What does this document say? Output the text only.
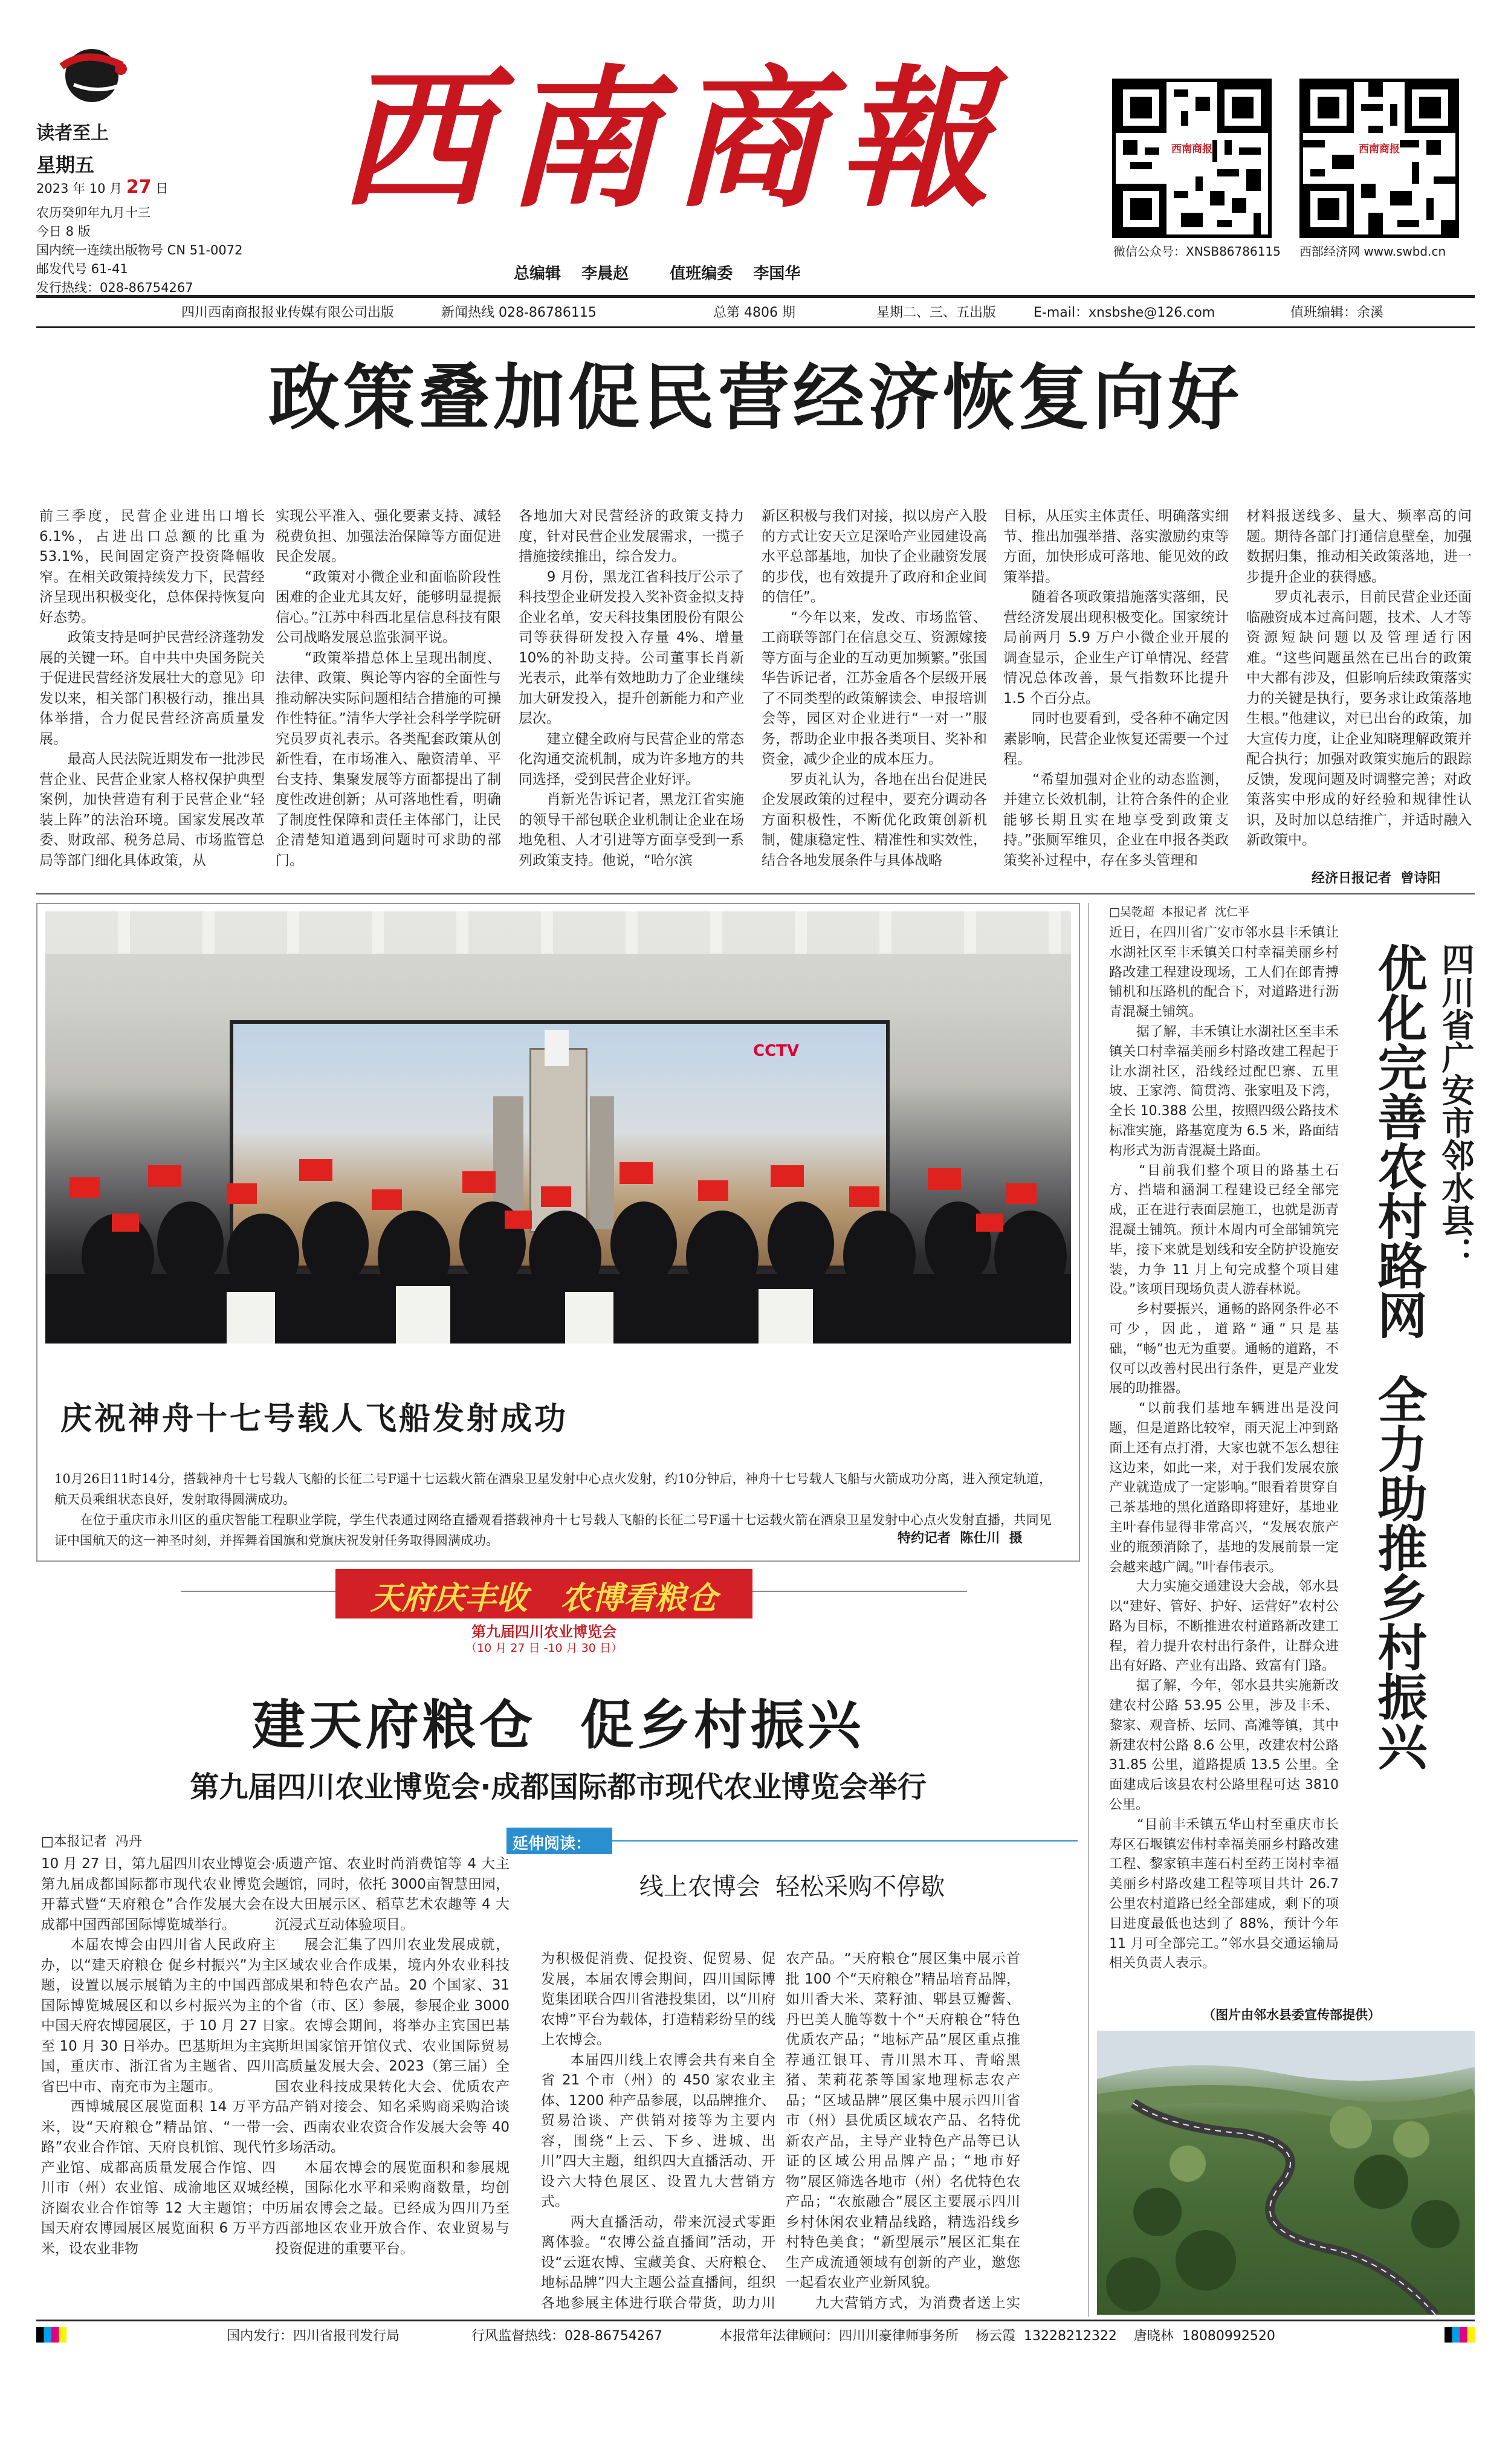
读者至上
星期五
2023 年 10 月 27 日
农历癸卯年九月十三
今日 8 版
国内统一连续出版物号 CN 51-0072
邮发代号 61-41
发行热线：028-86754267
西南商報
总编辑  李晨赵    值班编委  李国华
西南商报
微信公众号：XNSB86786115
西南商报
西部经济网 www.swbd.cn
四川西南商报报业传媒有限公司出版	新闻热线 028-86786115	总第 4806 期	星期二、三、五出版	E-mail：xnsbshe@126.com	值班编辑：余溪
政策叠加促民营经济恢复向好
前三季度，民营企业进出口增长6.1%，占进出口总额的比重为53.1%，民间固定资产投资降幅收窄。在相关政策持续发力下，民营经济呈现出积极变化，总体保持恢复向好态势。
　　政策支持是呵护民营经济蓬勃发展的关键一环。自中共中央国务院关于促进民营经济发展壮大的意见》印发以来，相关部门积极行动，推出具体举措，合力促民营经济高质量发展。
　　最高人民法院近期发布一批涉民营企业、民营企业家人格权保护典型案例，加快营造有利于民营企业“轻装上阵”的法治环境。国家发展改革委、财政部、税务总局、市场监管总局等部门细化具体政策，从
实现公平准入、强化要素支持、减轻税费负担、加强法治保障等方面促进民企发展。
　　“政策对小微企业和面临阶段性困难的企业尤其友好，能够明显提振信心。”江苏中科西北星信息科技有限公司战略发展总监张洞平说。
　　“政策举措总体上呈现出制度、法律、政策、舆论等内容的全面性与推动解决实际问题相结合措施的可操作性特征。”清华大学社会科学学院研究员罗贞礼表示。各类配套政策从创新性看，在市场准入、融资清单、平台支持、集聚发展等方面都提出了制度性改进创新；从可落地性看，明确了制度性保障和责任主体部门，让民企清楚知道遇到问题时可求助的部门。
各地加大对民营经济的政策支持力度，针对民营企业发展需求，一揽子措施接续推出，综合发力。
　　9 月份，黑龙江省科技厅公示了科技型企业研发投入奖补资金拟支持企业名单，安天科技集团股份有限公司等获得研发投入存量 4%、增量 10%的补助支持。公司董事长肖新光表示，此举有效地助力了企业继续加大研发投入，提升创新能力和产业层次。
　　建立健全政府与民营企业的常态化沟通交流机制，成为许多地方的共同选择，受到民营企业好评。
　　肖新光告诉记者，黑龙江省实施的领导干部包联企业机制让企业在场地免租、人才引进等方面享受到一系列政策支持。他说，“哈尔滨
新区积极与我们对接，拟以房产入股的方式让安天立足深哈产业园建设高水平总部基地，加快了企业融资发展的步伐，也有效提升了政府和企业间的信任”。
　　“今年以来，发改、市场监管、工商联等部门在信息交互、资源嫁接等方面与企业的互动更加频繁。”张国华告诉记者，江苏金盾各个层级开展了不同类型的政策解读会、申报培训会等，园区对企业进行“一对一”服务，帮助企业申报各类项目、奖补和资金，减少企业的成本压力。
　　罗贞礼认为，各地在出台促进民企发展政策的过程中，要充分调动各方面积极性，不断优化政策创新机制，健康稳定性、精准性和实效性，结合各地发展条件与具体战略
目标，从压实主体责任、明确落实细节、推出加强举措、落实激励约束等方面，加快形成可落地、能见效的政策举措。
　　随着各项政策措施落实落细，民营经济发展出现积极变化。国家统计局前两月 5.9 万户小微企业开展的调查显示，企业生产订单情况、经营情况总体改善，景气指数环比提升 1.5 个百分点。
　　同时也要看到，受各种不确定因素影响，民营企业恢复还需要一个过程。
　　“希望加强对企业的动态监测，并建立长效机制，让符合条件的企业能够长期且实在地享受到政策支持。”张厕军维贝，企业在申报各类政策奖补过程中，存在多头管理和
材料报送线多、量大、频率高的问题。期待各部门打通信息壁垒，加强数据归集，推动相关政策落地，进一步提升企业的获得感。
　　罗贞礼表示，目前民营企业还面临融资成本过高问题，技术、人才等资源短缺问题以及管理适行困难。“这些问题虽然在已出台的政策中大都有涉及，但影响后续政策落实力的关键是执行，要务求让政策落地生根。”他建议，对已出台的政策，加大宣传力度，让企业知晓理解政策并配合执行；加强对政策实施后的跟踪反馈，发现问题及时调整完善；对政策落实中形成的好经验和规律性认识，及时加以总结推广，并适时融入新政策中。
经济日报记者  曾诗阳
CCTV
庆祝神舟十七号载人飞船发射成功
10月26日11时14分，搭载神舟十七号载人飞船的长征二号F遥十七运载火箭在酒泉卫星发射中心点火发射，约10分钟后，神舟十七号载人飞船与火箭成功分离，进入预定轨道，航天员乘组状态良好，发射取得圆满成功。
　　在位于重庆市永川区的重庆智能工程职业学院，学生代表通过网络直播观看搭载神舟十七号载人飞船的长征二号F遥十七运载火箭在酒泉卫星发射中心点火发射直播，共同见证中国航天的这一神圣时刻，并挥舞着国旗和党旗庆祝发射任务取得圆满成功。	特约记者  陈仕川  摄
天府庆丰收   农博看粮仓
第九届四川农业博览会
（10 月 27 日 -10 月 30 日）
建天府粮仓  促乡村振兴
第九届四川农业博览会·成都国际都市现代农业博览会举行
□本报记者  冯丹
10 月 27 日，第九届四川农业博览会·第九届成都国际都市现代农业博览会开幕式暨“天府粮仓”合作发展大会在成都中国西部国际博览城举行。
　　本届农博会由四川省人民政府主办，以“建天府粮仓 促乡村振兴”为主题，设置以展示展销为主的中国西部国际博览城展区和以乡村振兴为主的中国天府农博园展区，于 10 月 27 日至 10 月 30 日举办。巴基斯坦为主宾国，重庆市、浙江省为主题省、四川省巴中市、南充市为主题市。
　　西博城展区展览面积 14 万平方米，设“天府粮仓”精品馆、“一带一路”农业合作馆、天府良机馆、现代竹产业馆、成都高质量发展合作馆、四川市（州）农业馆、成渝地区双城经济圈农业合作馆等 12 大主题馆；中国天府农博园展区展览面积 6 万平方米，设农业非物
质遗产馆、农业时尚消费馆等 4 大主题馆，同时，依托 3000亩智慧田园，设大田展示区、稻草艺术农趣等 4 大沉浸式互动体验项目。
　　展会汇集了四川农业发展成就，区域农业合作成果，境内外农业科技成果和特色农产品。20 个国家、31 个省（市、区）参展，参展企业 3000 家。农博会期间，将举办主宾国巴基斯坦国家馆开馆仪式、农业国际贸易高质量发展大会、2023（第三届）全国农业科技成果转化大会、优质农产品产销对接会、知名采购商采购洽谈会、西南农业农资合作发展大会等 40 多场活动。
　　本届农博会的展览面积和参展规模，国际化水平和采购商数量，均创历届农博会之最。已经成为四川乃至西部地区农业开放合作、农业贸易与投资促进的重要平台。
延伸阅读：
线上农博会  轻松采购不停歇
为积极促消费、促投资、促贸易、促发展，本届农博会期间，四川国际博览集团联合四川省港投集团，以“川府农博”平台为载体，打造精彩纷呈的线上农博会。
　　本届四川线上农博会共有来自全省 21 个市（州）的 450 家农业主体、1200 种产品参展，以品牌推介、贸易洽谈、产供销对接等为主要内容，围绕“上云、下乡、进城、出川”四大主题，组织四大直播活动、开设六大特色展区、设置九大营销方式。
　　两大直播活动，带来沉浸式零距离体验。“农博公益直播间”活动，开设“云逛农博、宝藏美食、天府粮仓、地标品牌”四大主题公益直播间，组织各地参展主体进行联合带货，助力川

农产品。“天府粮仓”展区集中展示首批 100 个“天府粮仓”精品培育品牌，如川香大米、菜籽油、郫县豆瓣酱、丹巴美人脆等数十个“天府粮仓”特色优质农产品；“地标产品”展区重点推荐通江银耳、青川黑木耳、青峪黑猪、茉莉花茶等国家地理标志农产品；“区域品牌”展区集中展示四川省市（州）县优质区域农产品、名特优新农产品，主导产业特色产品等已认证的区域公用品牌产品；“地市好物”展区筛选各地市（州）名优特色农产品；“农旅融合”展区主要展示四川乡村休闲农业精品线路，精选沿线乡村特色美食；“新型展示”展区汇集在生产成流通领域有创新的产业，邀您一起看农业产业新风貌。
　　九大营销方式，为消费者送上实
□吴乾超  本报记者  沈仁平
近日，在四川省广安市邻水县丰禾镇让水湖社区至丰禾镇关口村幸福美丽乡村路改建工程建设现场，工人们在郎青搏铺机和压路机的配合下，对道路进行沥青混凝土铺筑。
　　据了解，丰禾镇让水湖社区至丰禾镇关口村幸福美丽乡村路改建工程起于让水湖社区，沿线经过配巴寨、五里坡、王家湾、简贯湾、张家咀及下湾，全长 10.388 公里，按照四级公路技术标准实施，路基宽度为 6.5 米，路面结构形式为沥青混凝土路面。
　　“目前我们整个项目的路基土石方、挡墙和涵洞工程建设已经全部完成，正在进行表面层施工，也就是沥青混凝土铺筑。预计本周内可全部铺筑完毕，接下来就是划线和安全防护设施安装，力争 11 月上旬完成整个项目建设。”该项目现场负责人游春林说。
　　乡村要振兴，通畅的路网条件必不可少，因此，道路“通”只是基础，“畅”也无为重要。通畅的道路，不仅可以改善村民出行条件，更是产业发展的助推器。
　　“以前我们基地车辆进出是没问题，但是道路比较窄，雨天泥土冲到路面上还有点打滑，大家也就不怎么想往这边来，如此一来，对于我们发展农旅产业就造成了一定影响。”眼看着贯穿自己茶基地的黑化道路即将建好，基地业主叶春伟显得非常高兴，“发展农旅产业的瓶颈消除了，基地的发展前景一定会越来越广阔。”叶春伟表示。
　　大力实施交通建设大会战，邻水县以“建好、管好、护好、运营好”农村公路为目标，不断推进农村道路新改建工程，着力提升农村出行条件，让群众进出有好路、产业有出路、致富有门路。
　　据了解，今年，邻水县共实施新改建农村公路 53.95 公里，涉及丰禾、黎家、观音桥、坛同、高滩等镇，其中新建农村公路 8.6 公里，改建农村公路 31.85 公里，道路提质 13.5 公里。全面建成后该县农村公路里程可达 3810 公里。
　　“目前丰禾镇五华山村至重庆市长寿区石堰镇宏伟村幸福美丽乡村路改建工程、黎家镇丰莲石村至药王岗村幸福美丽乡村路改建工程等项目共计 26.7 公里农村道路已经全部建成，剩下的项目进度最低也达到了 88%，预计今年 11 月可全部完工。”邻水县交通运输局相关负责人表示。
四川省广安市邻水县：
优化完善农村路网  全力助推乡村振兴
（图片由邻水县委宣传部提供）
国内发行：四川省报刊发行局	行风监督热线：028-86754267	本报常年法律顾问：四川川豪律师事务所    杨云霞  13228212322    唐晓林  18080992520
